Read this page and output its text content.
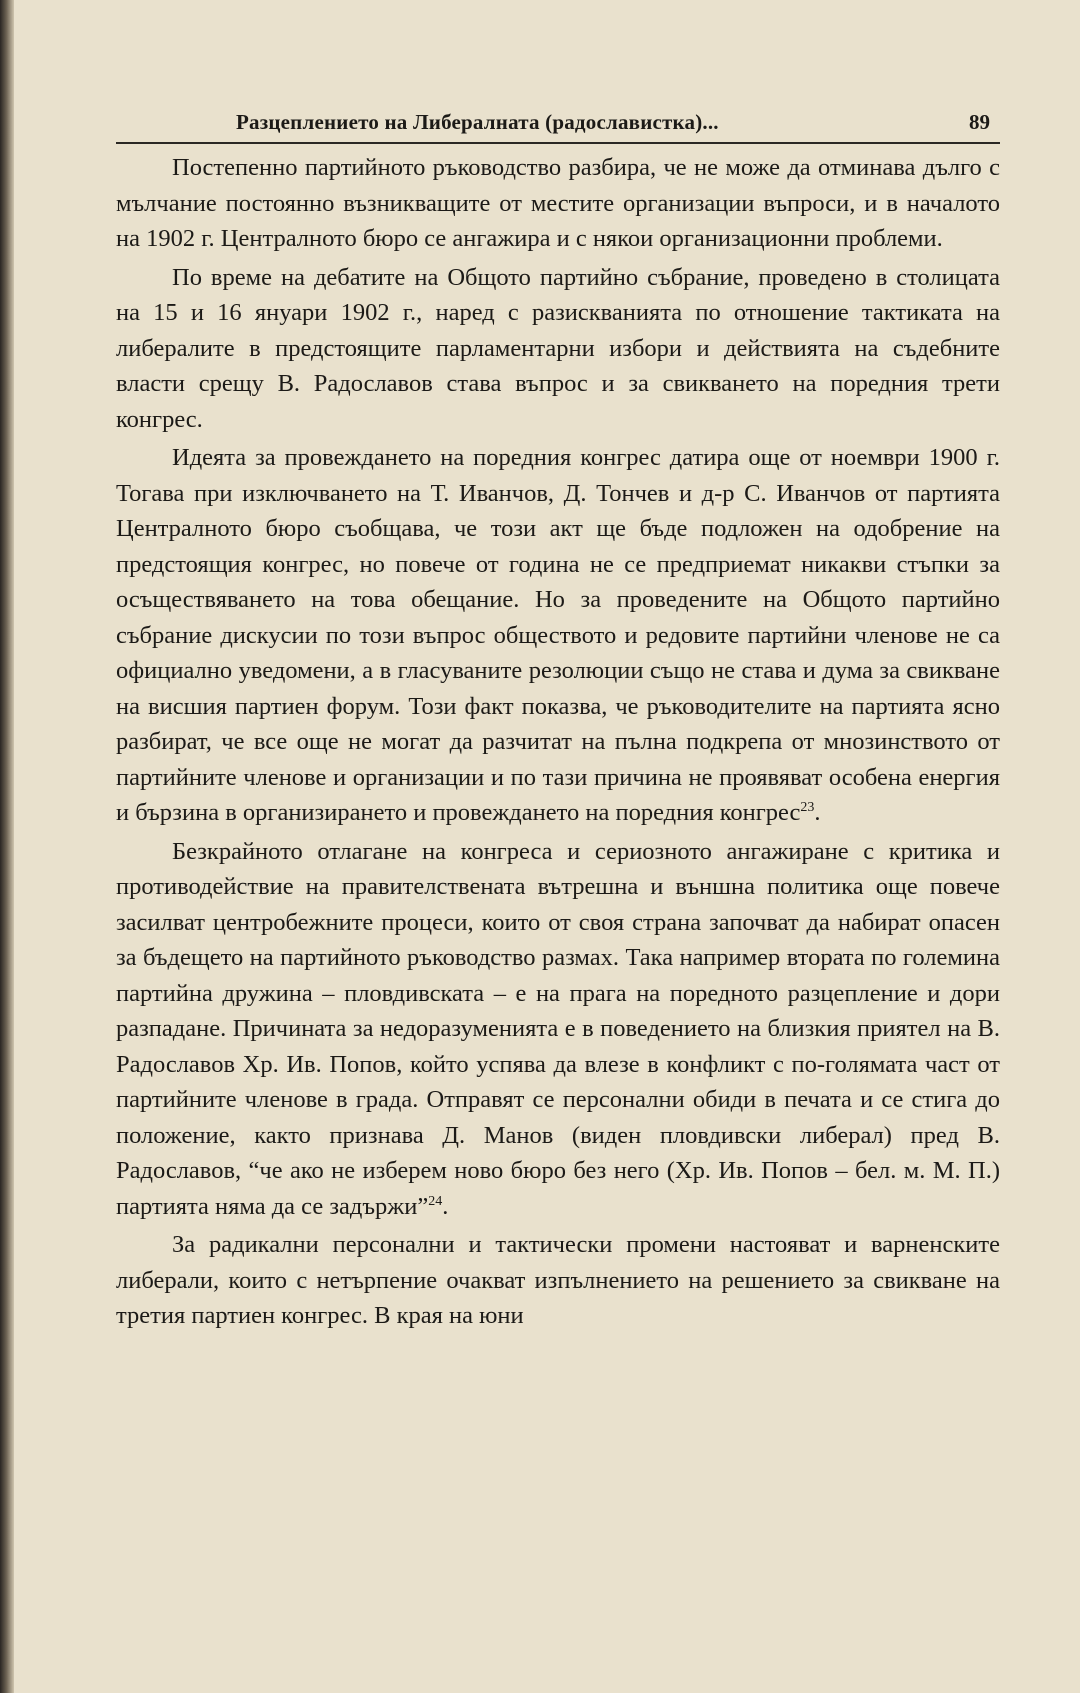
Разцеплението на Либералната (радославистка)...	89

Постепенно партийното ръководство разбира, че не може да отминава дълго с мълчание постоянно възникващите от местите организации въпроси, и в началото на 1902 г. Централното бюро се ангажира и с някои организационни проблеми.

По време на дебатите на Общото партийно събрание, проведено в столицата на 15 и 16 януари 1902 г., наред с разискванията по отношение тактиката на либералите в предстоящите парламентарни избори и действията на съдебните власти срещу В. Радославов става въпрос и за свикването на поредния трети конгрес.

Идеята за провеждането на поредния конгрес датира още от ноември 1900 г. Тогава при изключването на Т. Иванчов, Д. Тончев и д-р С. Иванчов от партията Централното бюро съобщава, че този акт ще бъде подложен на одобрение на предстоящия конгрес, но повече от година не се предприемат никакви стъпки за осъществяването на това обещание. Но за проведените на Общото партийно събрание дискусии по този въпрос обществото и редовите партийни членове не са официално уведомени, а в гласуваните резолюции също не става и дума за свикване на висшия партиен форум. Този факт показва, че ръководителите на партията ясно разбират, че все още не могат да разчитат на пълна подкрепа от мнозинството от партийните членове и организации и по тази причина не проявяват особена енергия и бързина в организирането и провеждането на поредния конгрес$^{23}$.

Безкрайното отлагане на конгреса и сериозното ангажиране с критика и противодействие на правителствената вътрешна и външна политика още повече засилват центробежните процеси, които от своя страна започват да набират опасен за бъдещето на партийното ръководство размах. Така например втората по големина партийна дружина – пловдивската – е на прага на поредното разцепление и дори разпадане. Причината за недоразуменията е в поведението на близкия приятел на В. Радославов Хр. Ив. Попов, който успява да влезе в конфликт с по-голямата част от партийните членове в града. Отправят се персонални обиди в печата и се стига до положение, както признава Д. Манов (виден пловдивски либерал) пред В. Радославов, “че ако не изберем ново бюро без него (Хр. Ив. Попов – бел. м. М. П.) партията няма да се задържи”$^{24}$.

За радикални персонални и тактически промени настояват и варненските либерали, които с нетърпение очакват изпълнението на решението за свикване на третия партиен конгрес. В края на юни
